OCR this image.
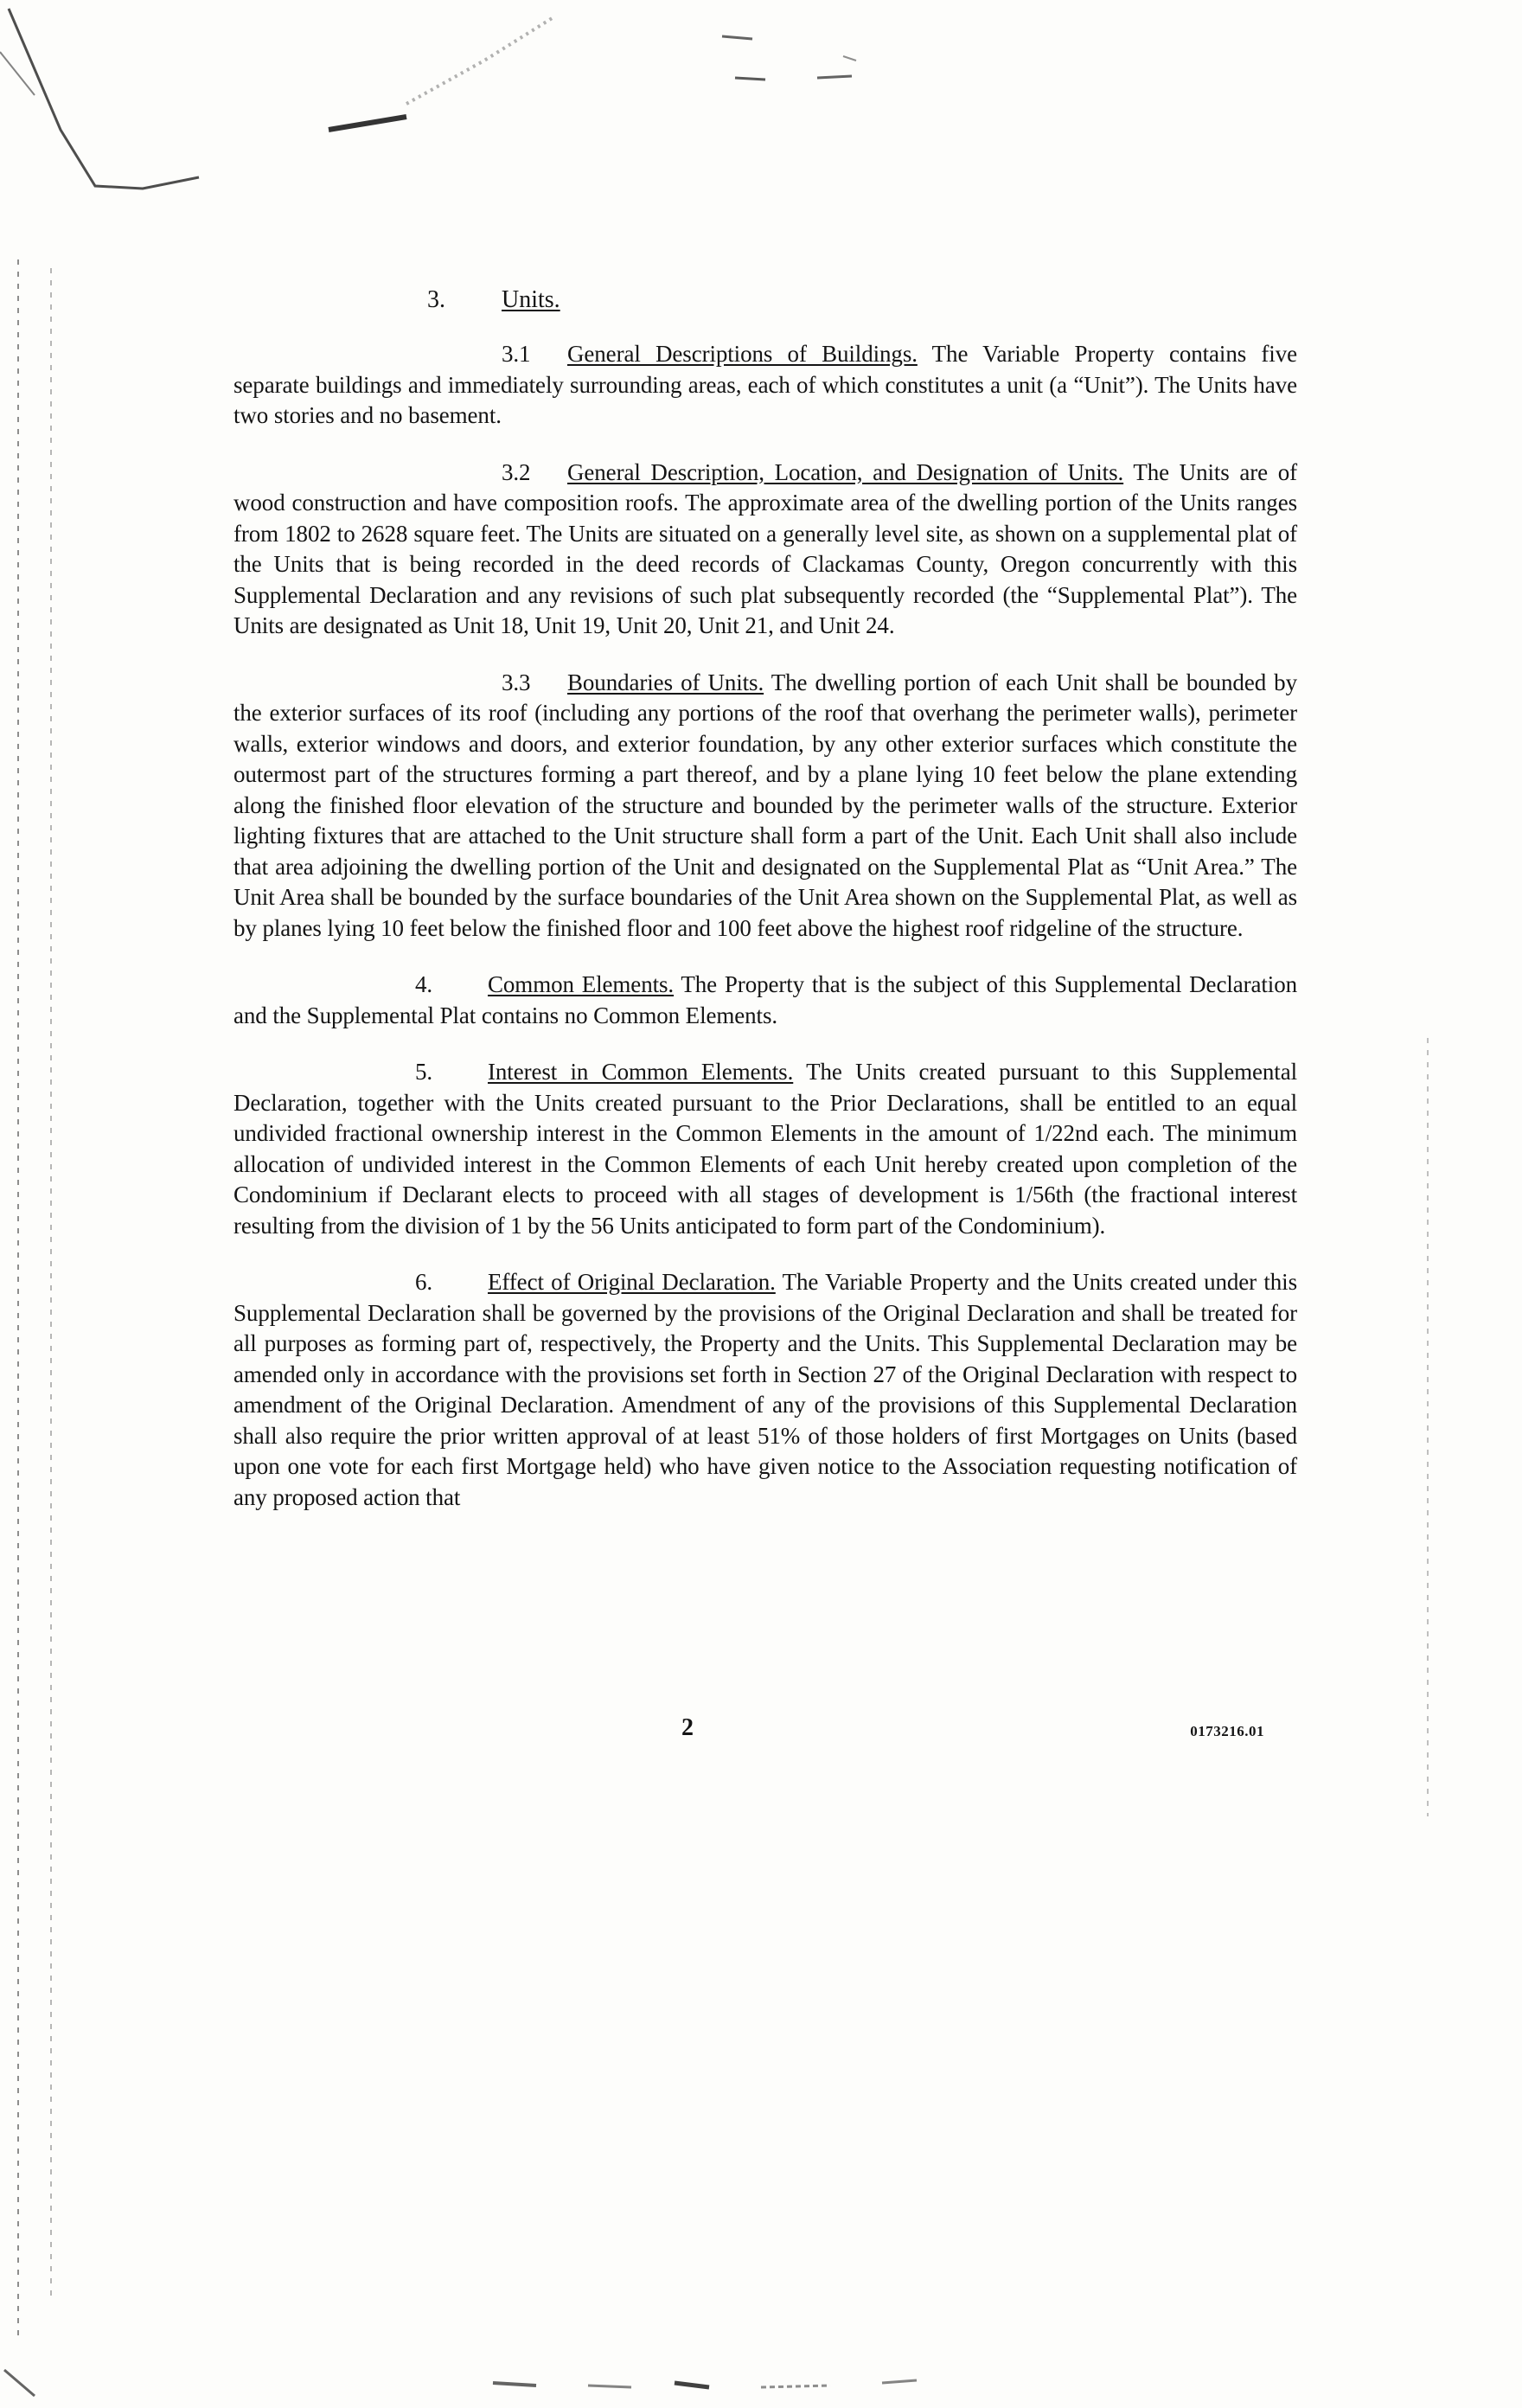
3. Units.

3.1 General Descriptions of Buildings. The Variable Property contains five separate buildings and immediately surrounding areas, each of which constitutes a unit (a “Unit”). The Units have two stories and no basement.

3.2 General Description, Location, and Designation of Units. The Units are of wood construction and have composition roofs. The approximate area of the dwelling portion of the Units ranges from 1802 to 2628 square feet. The Units are situated on a generally level site, as shown on a supplemental plat of the Units that is being recorded in the deed records of Clackamas County, Oregon concurrently with this Supplemental Declaration and any revisions of such plat subsequently recorded (the “Supplemental Plat”). The Units are designated as Unit 18, Unit 19, Unit 20, Unit 21, and Unit 24.

3.3 Boundaries of Units. The dwelling portion of each Unit shall be bounded by the exterior surfaces of its roof (including any portions of the roof that overhang the perimeter walls), perimeter walls, exterior windows and doors, and exterior foundation, by any other exterior surfaces which constitute the outermost part of the structures forming a part thereof, and by a plane lying 10 feet below the plane extending along the finished floor elevation of the structure and bounded by the perimeter walls of the structure. Exterior lighting fixtures that are attached to the Unit structure shall form a part of the Unit. Each Unit shall also include that area adjoining the dwelling portion of the Unit and designated on the Supplemental Plat as “Unit Area.” The Unit Area shall be bounded by the surface boundaries of the Unit Area shown on the Supplemental Plat, as well as by planes lying 10 feet below the finished floor and 100 feet above the highest roof ridgeline of the structure.

4. Common Elements. The Property that is the subject of this Supplemental Declaration and the Supplemental Plat contains no Common Elements.

5. Interest in Common Elements. The Units created pursuant to this Supplemental Declaration, together with the Units created pursuant to the Prior Declarations, shall be entitled to an equal undivided fractional ownership interest in the Common Elements in the amount of 1/22nd each. The minimum allocation of undivided interest in the Common Elements of each Unit hereby created upon completion of the Condominium if Declarant elects to proceed with all stages of development is 1/56th (the fractional interest resulting from the division of 1 by the 56 Units anticipated to form part of the Condominium).

6. Effect of Original Declaration. The Variable Property and the Units created under this Supplemental Declaration shall be governed by the provisions of the Original Declaration and shall be treated for all purposes as forming part of, respectively, the Property and the Units. This Supplemental Declaration may be amended only in accordance with the provisions set forth in Section 27 of the Original Declaration with respect to amendment of the Original Declaration. Amendment of any of the provisions of this Supplemental Declaration shall also require the prior written approval of at least 51% of those holders of first Mortgages on Units (based upon one vote for each first Mortgage held) who have given notice to the Association requesting notification of any proposed action that

2	0173216.01
